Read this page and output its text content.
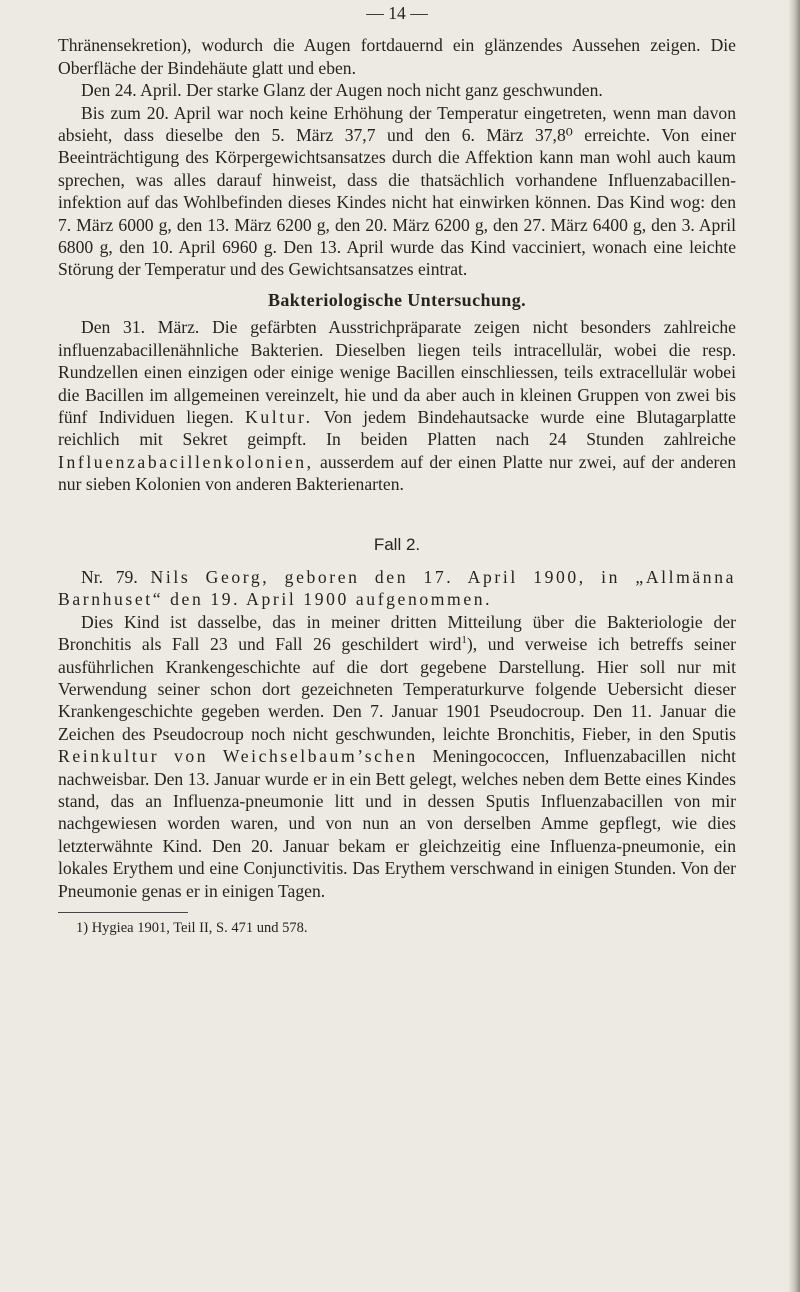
— 14 —

Thränensekretion), wodurch die Augen fortdauernd ein glänzendes Aussehen zeigen. Die Oberfläche der Bindehäute glatt und eben.

Den 24. April. Der starke Glanz der Augen noch nicht ganz geschwunden.

Bis zum 20. April war noch keine Erhöhung der Temperatur eingetreten, wenn man davon absieht, dass dieselbe den 5. März 37,7 und den 6. März 37,8⁰ erreichte. Von einer Beeinträchtigung des Körpergewichtsansatzes durch die Affektion kann man wohl auch kaum sprechen, was alles darauf hinweist, dass die thatsächlich vorhandene Influenzabacillen-infektion auf das Wohlbefinden dieses Kindes nicht hat einwirken können. Das Kind wog: den 7. März 6000 g, den 13. März 6200 g, den 20. März 6200 g, den 27. März 6400 g, den 3. April 6800 g, den 10. April 6960 g. Den 13. April wurde das Kind vacciniert, wonach eine leichte Störung der Temperatur und des Gewichtsansatzes eintrat.

Bakteriologische Untersuchung.

Den 31. März. Die gefärbten Ausstrichpräparate zeigen nicht besonders zahlreiche influenzabacillenähnliche Bakterien. Dieselben liegen teils intracellulär, wobei die resp. Rundzellen einen einzigen oder einige wenige Bacillen einschliessen, teils extracellulär wobei die Bacillen im allgemeinen vereinzelt, hie und da aber auch in kleinen Gruppen von zwei bis fünf Individuen liegen. Kultur. Von jedem Bindehautsacke wurde eine Blutagarplatte reichlich mit Sekret geimpft. In beiden Platten nach 24 Stunden zahlreiche Influenzabacillenkolonien, ausserdem auf der einen Platte nur zwei, auf der anderen nur sieben Kolonien von anderen Bakterienarten.

Fall 2.

Nr. 79. Nils Georg, geboren den 17. April 1900, in „Allmänna Barnhuset“ den 19. April 1900 aufgenommen.

Dies Kind ist dasselbe, das in meiner dritten Mitteilung über die Bakteriologie der Bronchitis als Fall 23 und Fall 26 geschildert wird$^1$), und verweise ich betreffs seiner ausführlichen Krankengeschichte auf die dort gegebene Darstellung. Hier soll nur mit Verwendung seiner schon dort gezeichneten Temperaturkurve folgende Uebersicht dieser Krankengeschichte gegeben werden. Den 7. Januar 1901 Pseudocroup. Den 11. Januar die Zeichen des Pseudocroup noch nicht geschwunden, leichte Bronchitis, Fieber, in den Sputis Reinkultur von Weichselbaum’schen Meningococcen, Influenzabacillen nicht nachweisbar. Den 13. Januar wurde er in ein Bett gelegt, welches neben dem Bette eines Kindes stand, das an Influenza-pneumonie litt und in dessen Sputis Influenzabacillen von mir nachgewiesen worden waren, und von nun an von derselben Amme gepflegt, wie dies letzterwähnte Kind. Den 20. Januar bekam er gleichzeitig eine Influenza-pneumonie, ein lokales Erythem und eine Conjunctivitis. Das Erythem verschwand in einigen Stunden. Von der Pneumonie genas er in einigen Tagen.

1) Hygiea 1901, Teil II, S. 471 und 578.
